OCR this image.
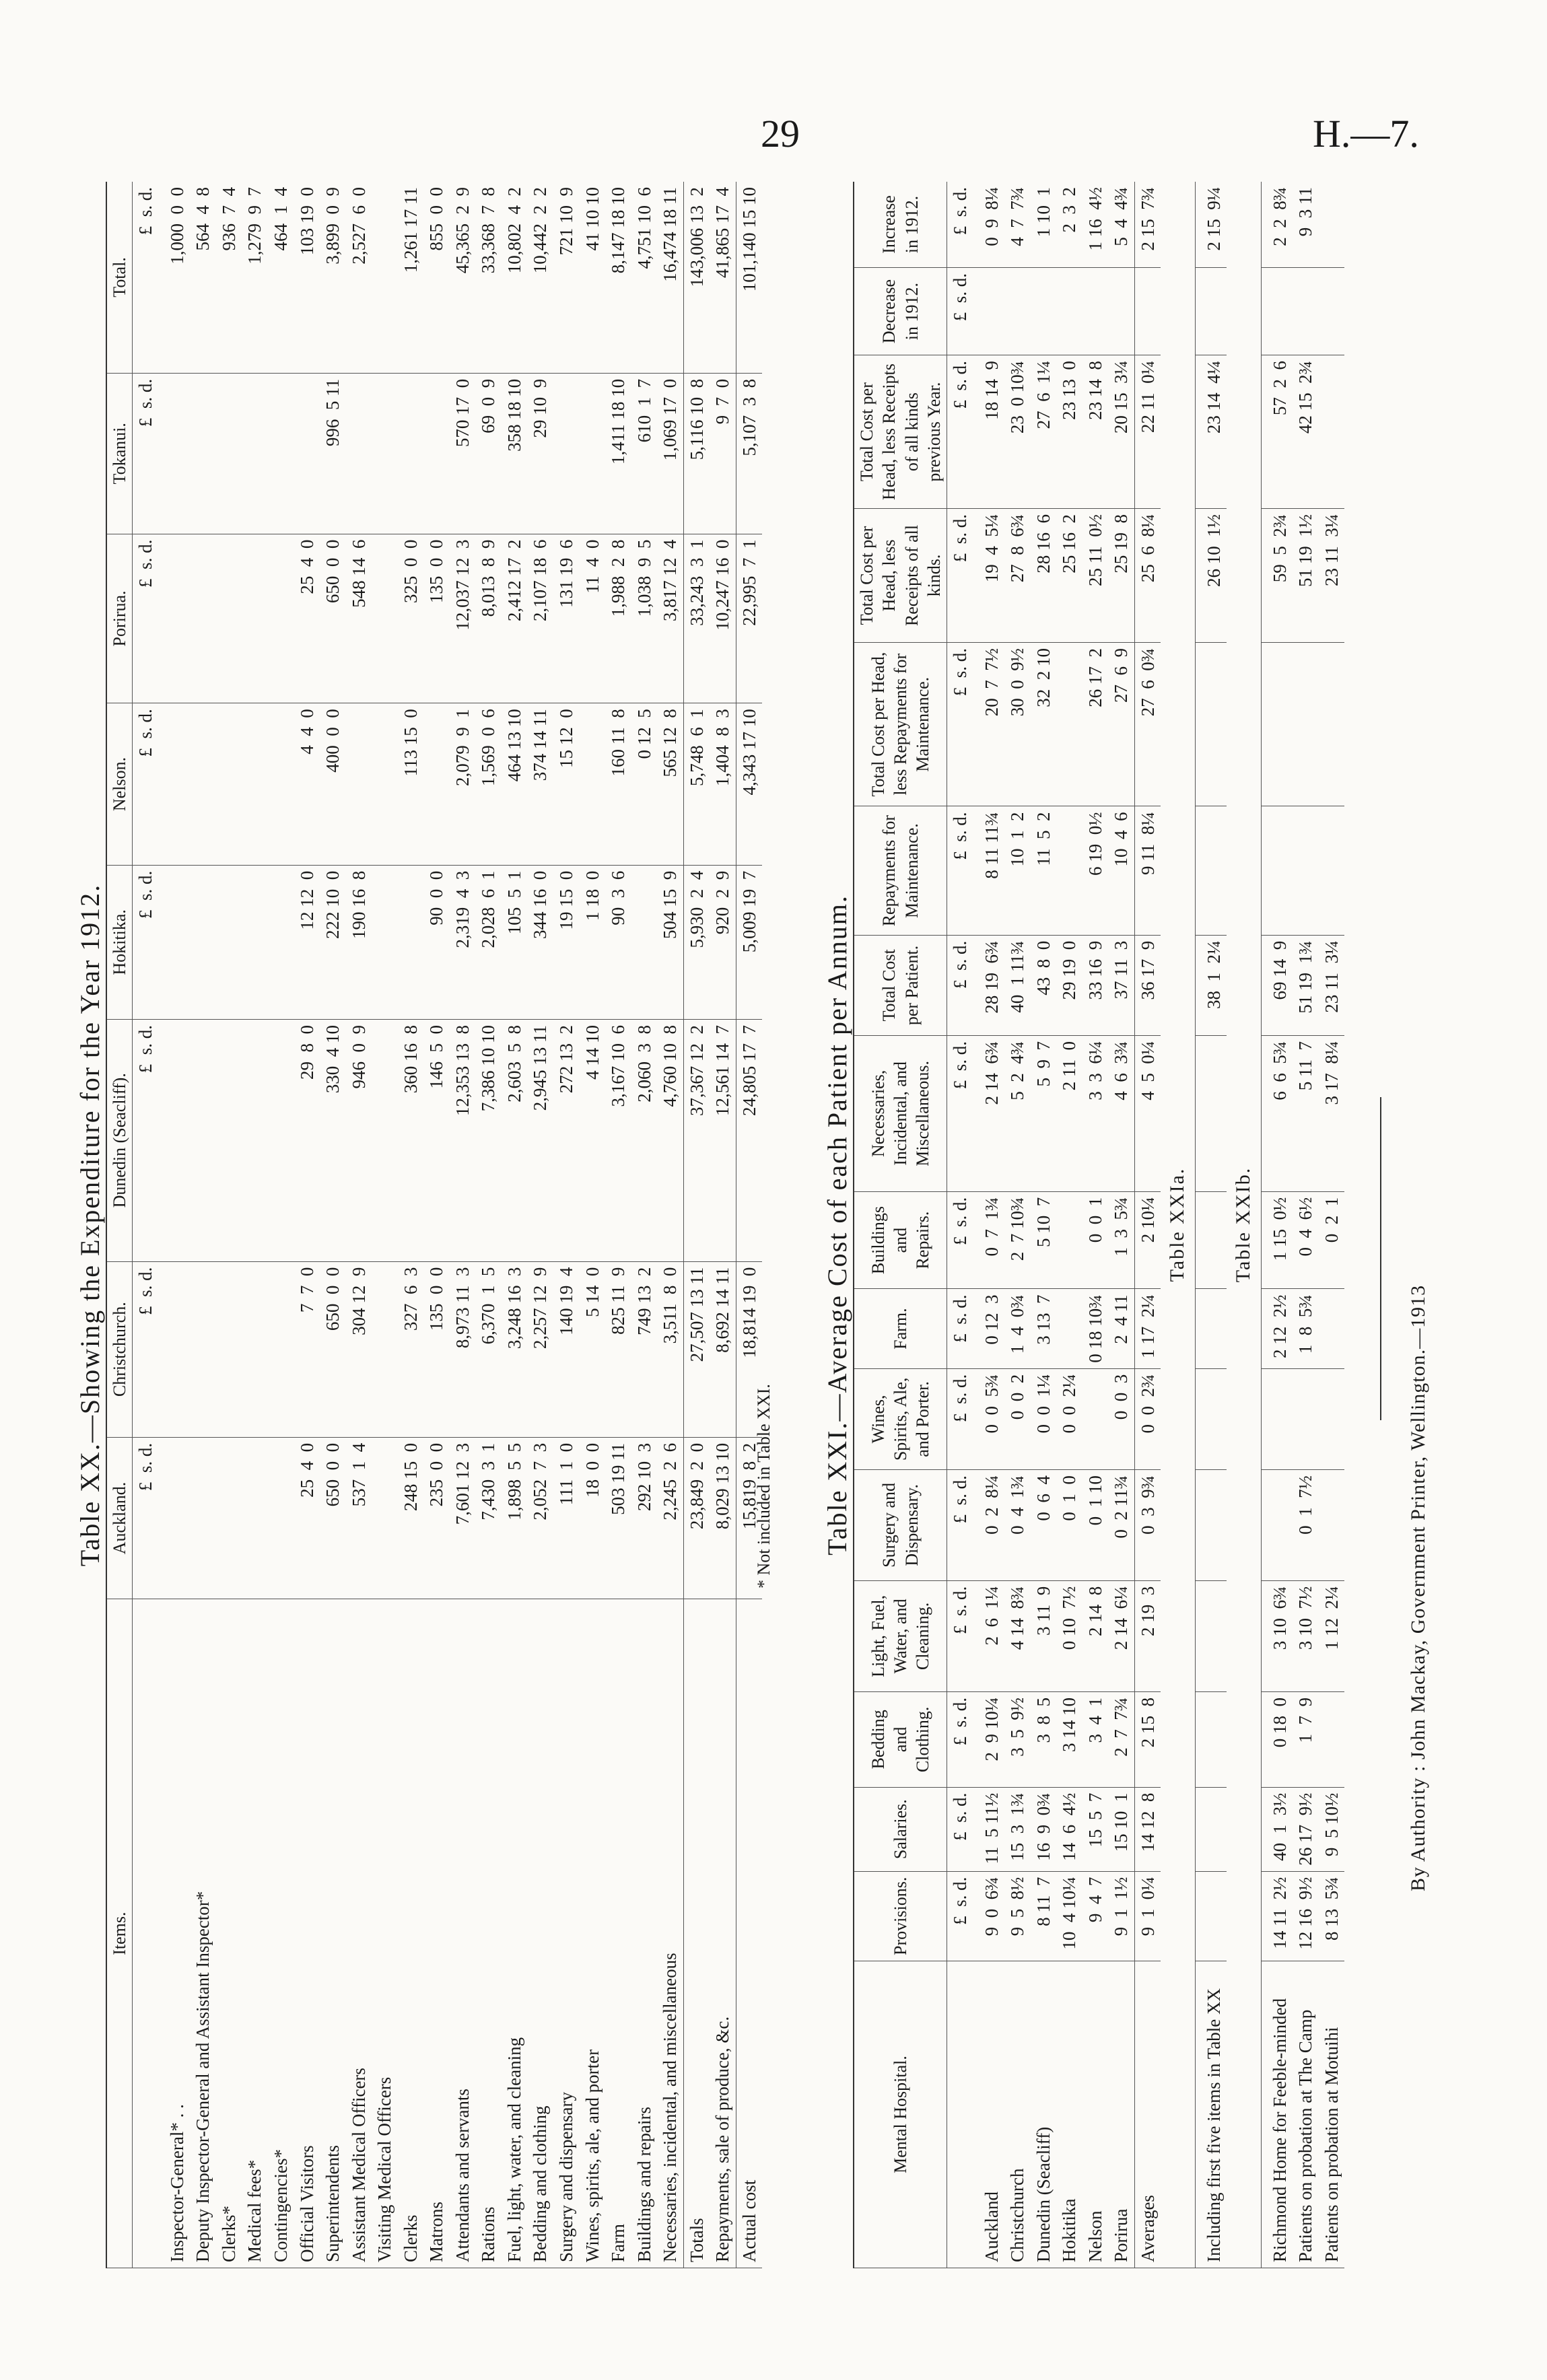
29	H.—7.

Table XX.—Showing the Expenditure for the Year 1912.

Items.	Auckland.	Christchurch.	Dunedin (Seacliff).	Hokitika.	Nelson.	Porirua.	Tokanui.	Total.
	£  s. d.	£  s. d.	£  s. d.	£  s. d.	£  s. d.	£  s. d.	£  s. d.	£  s. d.
Inspector-General* . .								1,000  0  0
Deputy Inspector-General and Assistant Inspector*								564  4  8
Clerks*								936  7  4
Medical fees*								1,279  9  7
Contingencies*								464  1  4
Official Visitors	25  4  0	7  7  0	29  8  0	12 12  0	4  4  0	25  4  0		103 19  0
Superintendents	650  0  0	650  0  0	330  4 10	222 10  0	400  0  0	650  0  0	996  5 11	3,899  0  9
Assistant Medical Officers	537  1  4	304 12  9	946  0  9	190 16  8		548 14  6		2,527  6  0
Visiting Medical Officers								
Clerks	248 15  0	327  6  3	360 16  8		113 15  0	325  0  0		1,261 17 11
Matrons	235  0  0	135  0  0	146  5  0	90  0  0		135  0  0		855  0  0
Attendants and servants	7,601 12  3	8,973 11  3	12,353 13  8	2,319  4  3	2,079  9  1	12,037 12  3	570 17  0	45,365  2  9
Rations	7,430  3  1	6,370  1  5	7,386 10 10	2,028  6  1	1,569  0  6	8,013  8  9	69  0  9	33,368  7  8
Fuel, light, water, and cleaning	1,898  5  5	3,248 16  3	2,603  5  8	105  5  1	464 13 10	2,412 17  2	358 18 10	10,802  4  2
Bedding and clothing	2,052  7  3	2,257 12  9	2,945 13 11	344 16  0	374 14 11	2,107 18  6	29 10  9	10,442  2  2
Surgery and dispensary	111  1  0	140 19  4	272 13  2	19 15  0	15 12  0	131 19  6		721 10  9
Wines, spirits, ale, and porter	18  0  0	5 14  0	4 14 10	1 18  0		11  4  0		41 10 10
Farm	503 19 11	825 11  9	3,167 10  6	90  3  6	160 11  8	1,988  2  8	1,411 18 10	8,147 18 10
Buildings and repairs	292 10  3	749 13  2	2,060  3  8		0 12  5	1,038  9  5	610  1  7	4,751 10  6
Necessaries, incidental, and miscellaneous	2,245  2  6	3,511  8  0	4,760 10  8	504 15  9	565 12  8	3,817 12  4	1,069 17  0	16,474 18 11
Totals	23,849  2  0	27,507 13 11	37,367 12  2	5,930  2  4	5,748  6  1	33,243  3  1	5,116 10  8	143,006 13  2
Repayments, sale of produce, &c.	8,029 13 10	8,692 14 11	12,561 14  7	920  2  9	1,404  8  3	10,247 16  0	9  7  0	41,865 17  4
Actual cost	15,819  8  2	18,814 19  0	24,805 17  7	5,009 19  7	4,343 17 10	22,995  7  1	5,107  3  8	101,140 15 10
* Not included in Table XXI. Table XXI.—Average Cost of each Patient per Annum.

Mental Hospital.	Provisions.	Salaries.	Bedding and Clothing.	Light, Fuel, Water, and Cleaning.	Surgery and Dispensary.	Wines, Spirits, Ale, and Porter.	Farm.	Buildings and Repairs.	Necessaries, Incidental, and Miscellaneous.	Total Cost per Patient.	Repayments for Maintenance.	Total Cost per Head, less Repayments for Maintenance.	Total Cost per Head, less Receipts of all kinds.	Total Cost per Head, less Receipts of all kinds previous Year.	Decrease in 1912.	Increase in 1912.
	£  s. d.	£  s. d.	£  s. d.	£  s. d.	£  s. d.	£  s. d.	£  s. d.	£  s. d.	£  s. d.	£  s. d.	£  s. d.	£  s. d.	£  s. d.	£  s. d.	£  s. d.	£  s. d.
Auckland	9  0  6¾	11  5 11½	2  9 10¼	2  6  1¼	0  2  8¼	0  0  5¾	0 12  3	0  7  1¾	2 14  6¾	28 19  6¾	8 11 11¾	20  7  7½	19  4  5¼	18 14  9		0  9  8¼
Christchurch	9  5  8½	15  3  1¾	3  5  9½	4 14  8¾	0  4  1¾	0  0  2	1  4  0¾	2  7 10¾	5  2  4¾	40  1 11¾	10  1  2	30  0  9½	27  8  6¾	23  0 10¾		4  7  7¾
Dunedin (Seacliff)	8 11  7	16  9  0¾	3  8  5	3 11  9	0  6  4	0  0  1¼	3 13  7	5 10  7	5  9  7	43  8  0	11  5  2	32  2 10	28 16  6	27  6  1¼		1 10  1
Hokitika	10  4 10¼	14  6  4½	3 14 10	0 10  7½	0  1  0	0  0  2¼			2 11  0	29 19  0			25 16  2	23 13  0		2  3  2
Nelson	9  4  7	15  5  7	3  4  1	2 14  8	0  1 10		0 18 10¾	0  0  1	3  3  6¼	33 16  9	6 19  0½	26 17  2	25 11  0½	23 14  8		1 16  4½
Porirua	9  1  1½	15 10  1	2  7  7¾	2 14  6¼	0  2 11¾	0  0  3	2  4 11	1  3  5¾	4  6  3¾	37 11  3	10  4  6	27  6  9	25 19  8	20 15  3¼		5  4  4¾
Averages	9  1  0¼	14 12  8	2 15  8	2 19  3	0  3  9¾	0  0  2¾	1 17  2¼	2 10¼	4  5  0¼	36 17  9	9 11  8¼	27  6  0¾	25  6  8¼	22 11  0¼		2 15  7¾
Table XXIa.																
Including first five items in Table XX										38  1  2¼			26 10  1½	23 14  4¼		2 15  9¼
Table XXIb.																
Richmond Home for Feeble-minded	14 11  2½	40  1  3½	0 18  0	3 10  6¾			2 12  2½	1 15  0½	6  6  5¾	69 14  9			59  5  2¾	57  2  6		2  2  8¾
Patients on probation at The Camp	12 16  9½	26 17  9½	1  7  9	3 10  7½	0  1  7½		1  8  5¾	0  4  6½	5 11  7	51 19  1¾			51 19  1½	42 15  2¾		9  3 11
Patients on probation at Motuihi	8 13  5¾	9  5 10½		1 12  2¼				0  2  1	3 17  8¼	23 11  3¼			23 11  3¼			
By Authority : John Mackay, Government Printer, Wellington.—1913
